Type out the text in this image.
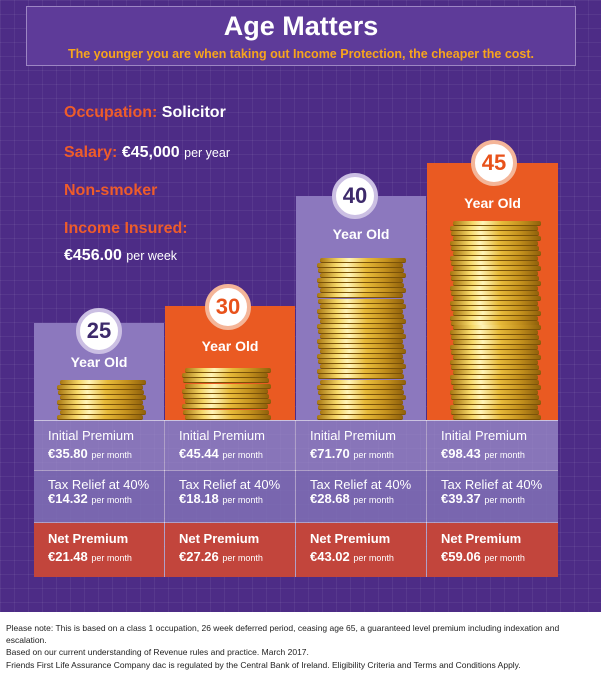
Age Matters
The younger you are when taking out Income Protection, the cheaper the cost.
Occupation: Solicitor
Salary: €45,000 per year
Non-smoker
Income Insured:
€456.00 per week
25
Year Old
30
Year Old
40
Year Old
45
Year Old
Initial Premium
€35.80 per month
Initial Premium
€45.44 per month
Initial Premium
€71.70 per month
Initial Premium
€98.43 per month
Tax Relief at 40%
€14.32 per month
Tax Relief at 40%
€18.18 per month
Tax Relief at 40%
€28.68 per month
Tax Relief at 40%
€39.37 per month
Net Premium
€21.48 per month
Net Premium
€27.26 per month
Net Premium
€43.02 per month
Net Premium
€59.06 per month

Please note: This is based on a class 1 occupation, 26 week deferred period, ceasing age 65, a guaranteed level premium including indexation and escalation.

Based on our current understanding of Revenue rules and practice. March 2017.

Friends First Life Assurance Company dac is regulated by the Central Bank of Ireland. Eligibility Criteria and Terms and Conditions Apply.
